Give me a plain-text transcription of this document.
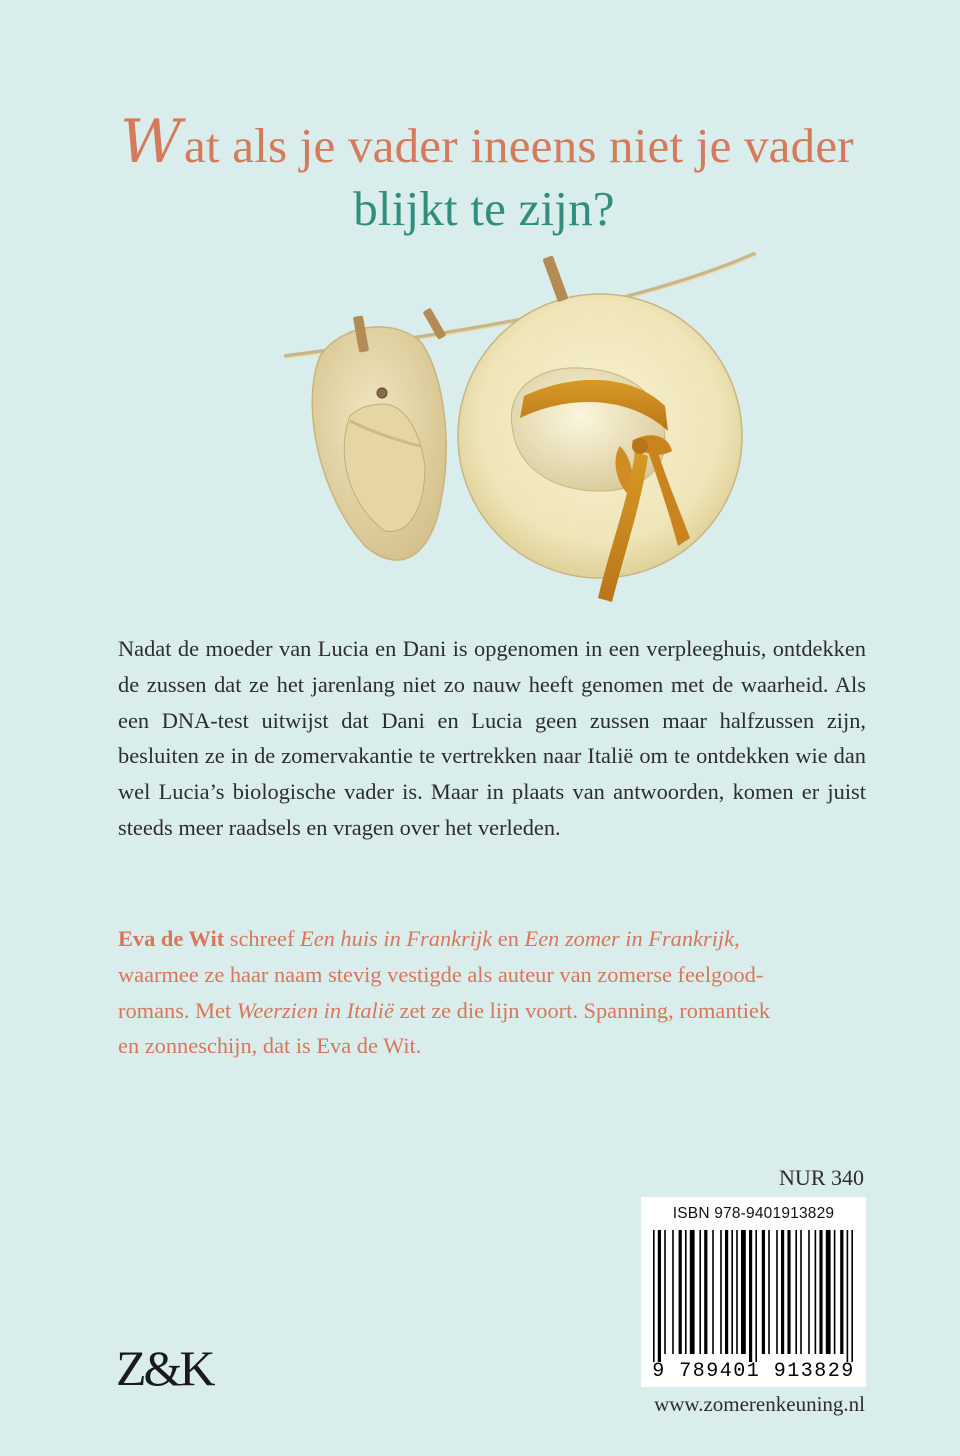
Wat als je vader ineens niet je vader
blijkt te zijn?

Nadat de moeder van Lucia en Dani is opgenomen in een verpleeghuis, ontdekken de zussen dat ze het jarenlang niet zo nauw heeft genomen met de waarheid. Als een DNA-test uitwijst dat Dani en Lucia geen zussen maar halfzussen zijn, besluiten ze in de zomervakantie te vertrekken naar Italië om te ontdekken wie dan wel Lucia’s biologische vader is. Maar in plaats van antwoorden, komen er juist steeds meer raadsels en vragen over het verleden.

Eva de Wit schreef Een huis in Frankrijk en Een zomer in Frankrijk,
waarmee ze haar naam stevig vestigde als auteur van zomerse feelgood-
romans. Met Weerzien in Italië zet ze die lijn voort. Spanning, romantiek
en zonneschijn, dat is Eva de Wit.
NUR 340
ISBN 978-9401913829
9 789401 913829
www.zomerenkeuning.nl
Z&K
